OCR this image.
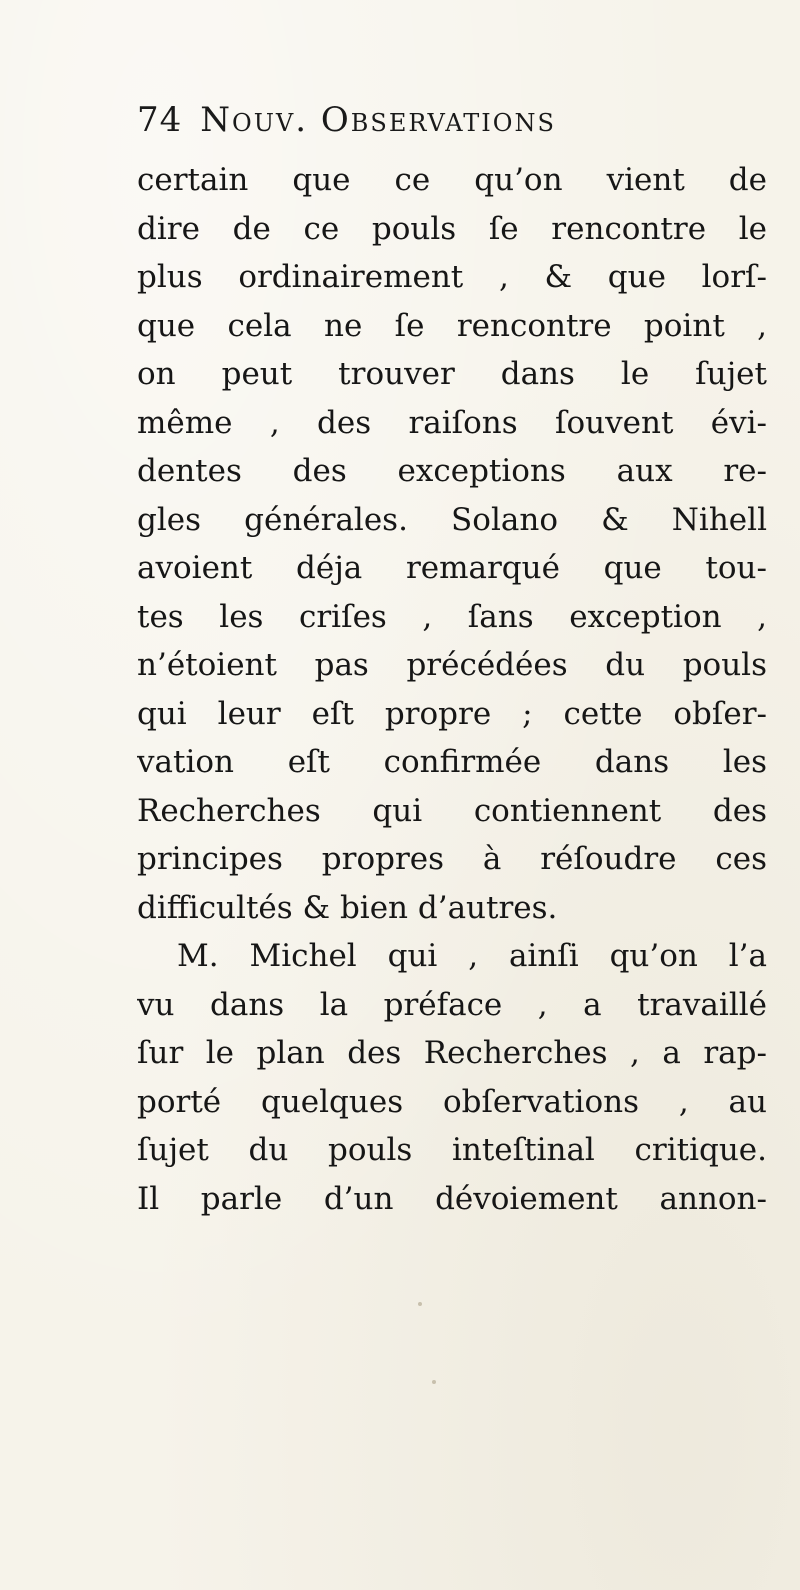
74 Nouv. Observations
certain que ce qu’on vient de
dire de ce pouls ſe rencontre le
plus ordinairement , & que lorſ-
que cela ne ſe rencontre point ,
on peut trouver dans le ſujet
même , des raiſons ſouvent évi-
dentes des exceptions aux re-
gles générales. Solano & Nihell
avoient déja remarqué que tou-
tes les criſes , ſans exception ,
n’étoient pas précédées du pouls
qui leur eſt propre ; cette obſer-
vation eſt confirmée dans les
Recherches qui contiennent des
principes propres à réſoudre ces
difficultés & bien d’autres.
M. Michel qui , ainſi qu’on l’a
vu dans la préface , a travaillé
ſur le plan des Recherches , a rap-
porté quelques obſervations , au
ſujet du pouls inteſtinal critique.
Il parle d’un dévoiement annon-
